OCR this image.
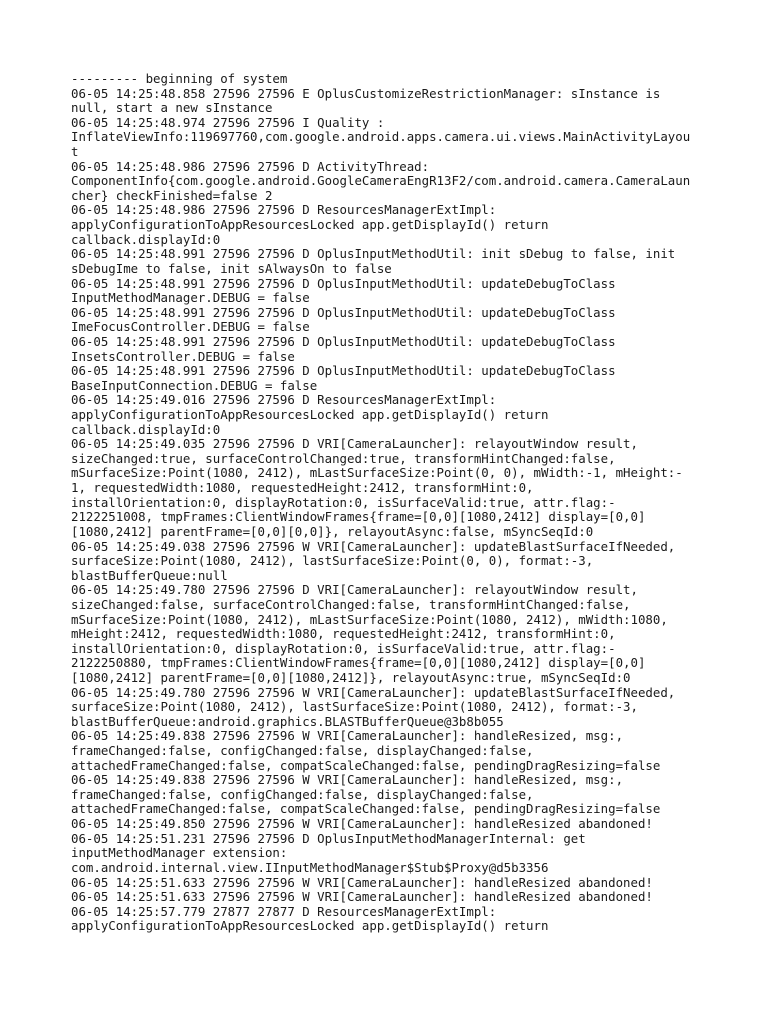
--------- beginning of system
06-05 14:25:48.858 27596 27596 E OplusCustomizeRestrictionManager: sInstance is
null, start a new sInstance
06-05 14:25:48.974 27596 27596 I Quality :
InflateViewInfo:119697760,com.google.android.apps.camera.ui.views.MainActivityLayou
t
06-05 14:25:48.986 27596 27596 D ActivityThread:
ComponentInfo{com.google.android.GoogleCameraEngR13F2/com.android.camera.CameraLaun
cher} checkFinished=false 2
06-05 14:25:48.986 27596 27596 D ResourcesManagerExtImpl:
applyConfigurationToAppResourcesLocked app.getDisplayId() return
callback.displayId:0
06-05 14:25:48.991 27596 27596 D OplusInputMethodUtil: init sDebug to false, init
sDebugIme to false, init sAlwaysOn to false
06-05 14:25:48.991 27596 27596 D OplusInputMethodUtil: updateDebugToClass
InputMethodManager.DEBUG = false
06-05 14:25:48.991 27596 27596 D OplusInputMethodUtil: updateDebugToClass
ImeFocusController.DEBUG = false
06-05 14:25:48.991 27596 27596 D OplusInputMethodUtil: updateDebugToClass
InsetsController.DEBUG = false
06-05 14:25:48.991 27596 27596 D OplusInputMethodUtil: updateDebugToClass
BaseInputConnection.DEBUG = false
06-05 14:25:49.016 27596 27596 D ResourcesManagerExtImpl:
applyConfigurationToAppResourcesLocked app.getDisplayId() return
callback.displayId:0
06-05 14:25:49.035 27596 27596 D VRI[CameraLauncher]: relayoutWindow result,
sizeChanged:true, surfaceControlChanged:true, transformHintChanged:false,
mSurfaceSize:Point(1080, 2412), mLastSurfaceSize:Point(0, 0), mWidth:-1, mHeight:-
1, requestedWidth:1080, requestedHeight:2412, transformHint:0,
installOrientation:0, displayRotation:0, isSurfaceValid:true, attr.flag:-
2122251008, tmpFrames:ClientWindowFrames{frame=[0,0][1080,2412] display=[0,0]
[1080,2412] parentFrame=[0,0][0,0]}, relayoutAsync:false, mSyncSeqId:0
06-05 14:25:49.038 27596 27596 W VRI[CameraLauncher]: updateBlastSurfaceIfNeeded,
surfaceSize:Point(1080, 2412), lastSurfaceSize:Point(0, 0), format:-3,
blastBufferQueue:null
06-05 14:25:49.780 27596 27596 D VRI[CameraLauncher]: relayoutWindow result,
sizeChanged:false, surfaceControlChanged:false, transformHintChanged:false,
mSurfaceSize:Point(1080, 2412), mLastSurfaceSize:Point(1080, 2412), mWidth:1080,
mHeight:2412, requestedWidth:1080, requestedHeight:2412, transformHint:0,
installOrientation:0, displayRotation:0, isSurfaceValid:true, attr.flag:-
2122250880, tmpFrames:ClientWindowFrames{frame=[0,0][1080,2412] display=[0,0]
[1080,2412] parentFrame=[0,0][1080,2412]}, relayoutAsync:true, mSyncSeqId:0
06-05 14:25:49.780 27596 27596 W VRI[CameraLauncher]: updateBlastSurfaceIfNeeded,
surfaceSize:Point(1080, 2412), lastSurfaceSize:Point(1080, 2412), format:-3,
blastBufferQueue:android.graphics.BLASTBufferQueue@3b8b055
06-05 14:25:49.838 27596 27596 W VRI[CameraLauncher]: handleResized, msg:,
frameChanged:false, configChanged:false, displayChanged:false,
attachedFrameChanged:false, compatScaleChanged:false, pendingDragResizing=false
06-05 14:25:49.838 27596 27596 W VRI[CameraLauncher]: handleResized, msg:,
frameChanged:false, configChanged:false, displayChanged:false,
attachedFrameChanged:false, compatScaleChanged:false, pendingDragResizing=false
06-05 14:25:49.850 27596 27596 W VRI[CameraLauncher]: handleResized abandoned!
06-05 14:25:51.231 27596 27596 D OplusInputMethodManagerInternal: get
inputMethodManager extension:
com.android.internal.view.IInputMethodManager$Stub$Proxy@d5b3356
06-05 14:25:51.633 27596 27596 W VRI[CameraLauncher]: handleResized abandoned!
06-05 14:25:51.633 27596 27596 W VRI[CameraLauncher]: handleResized abandoned!
06-05 14:25:57.779 27877 27877 D ResourcesManagerExtImpl:
applyConfigurationToAppResourcesLocked app.getDisplayId() return
